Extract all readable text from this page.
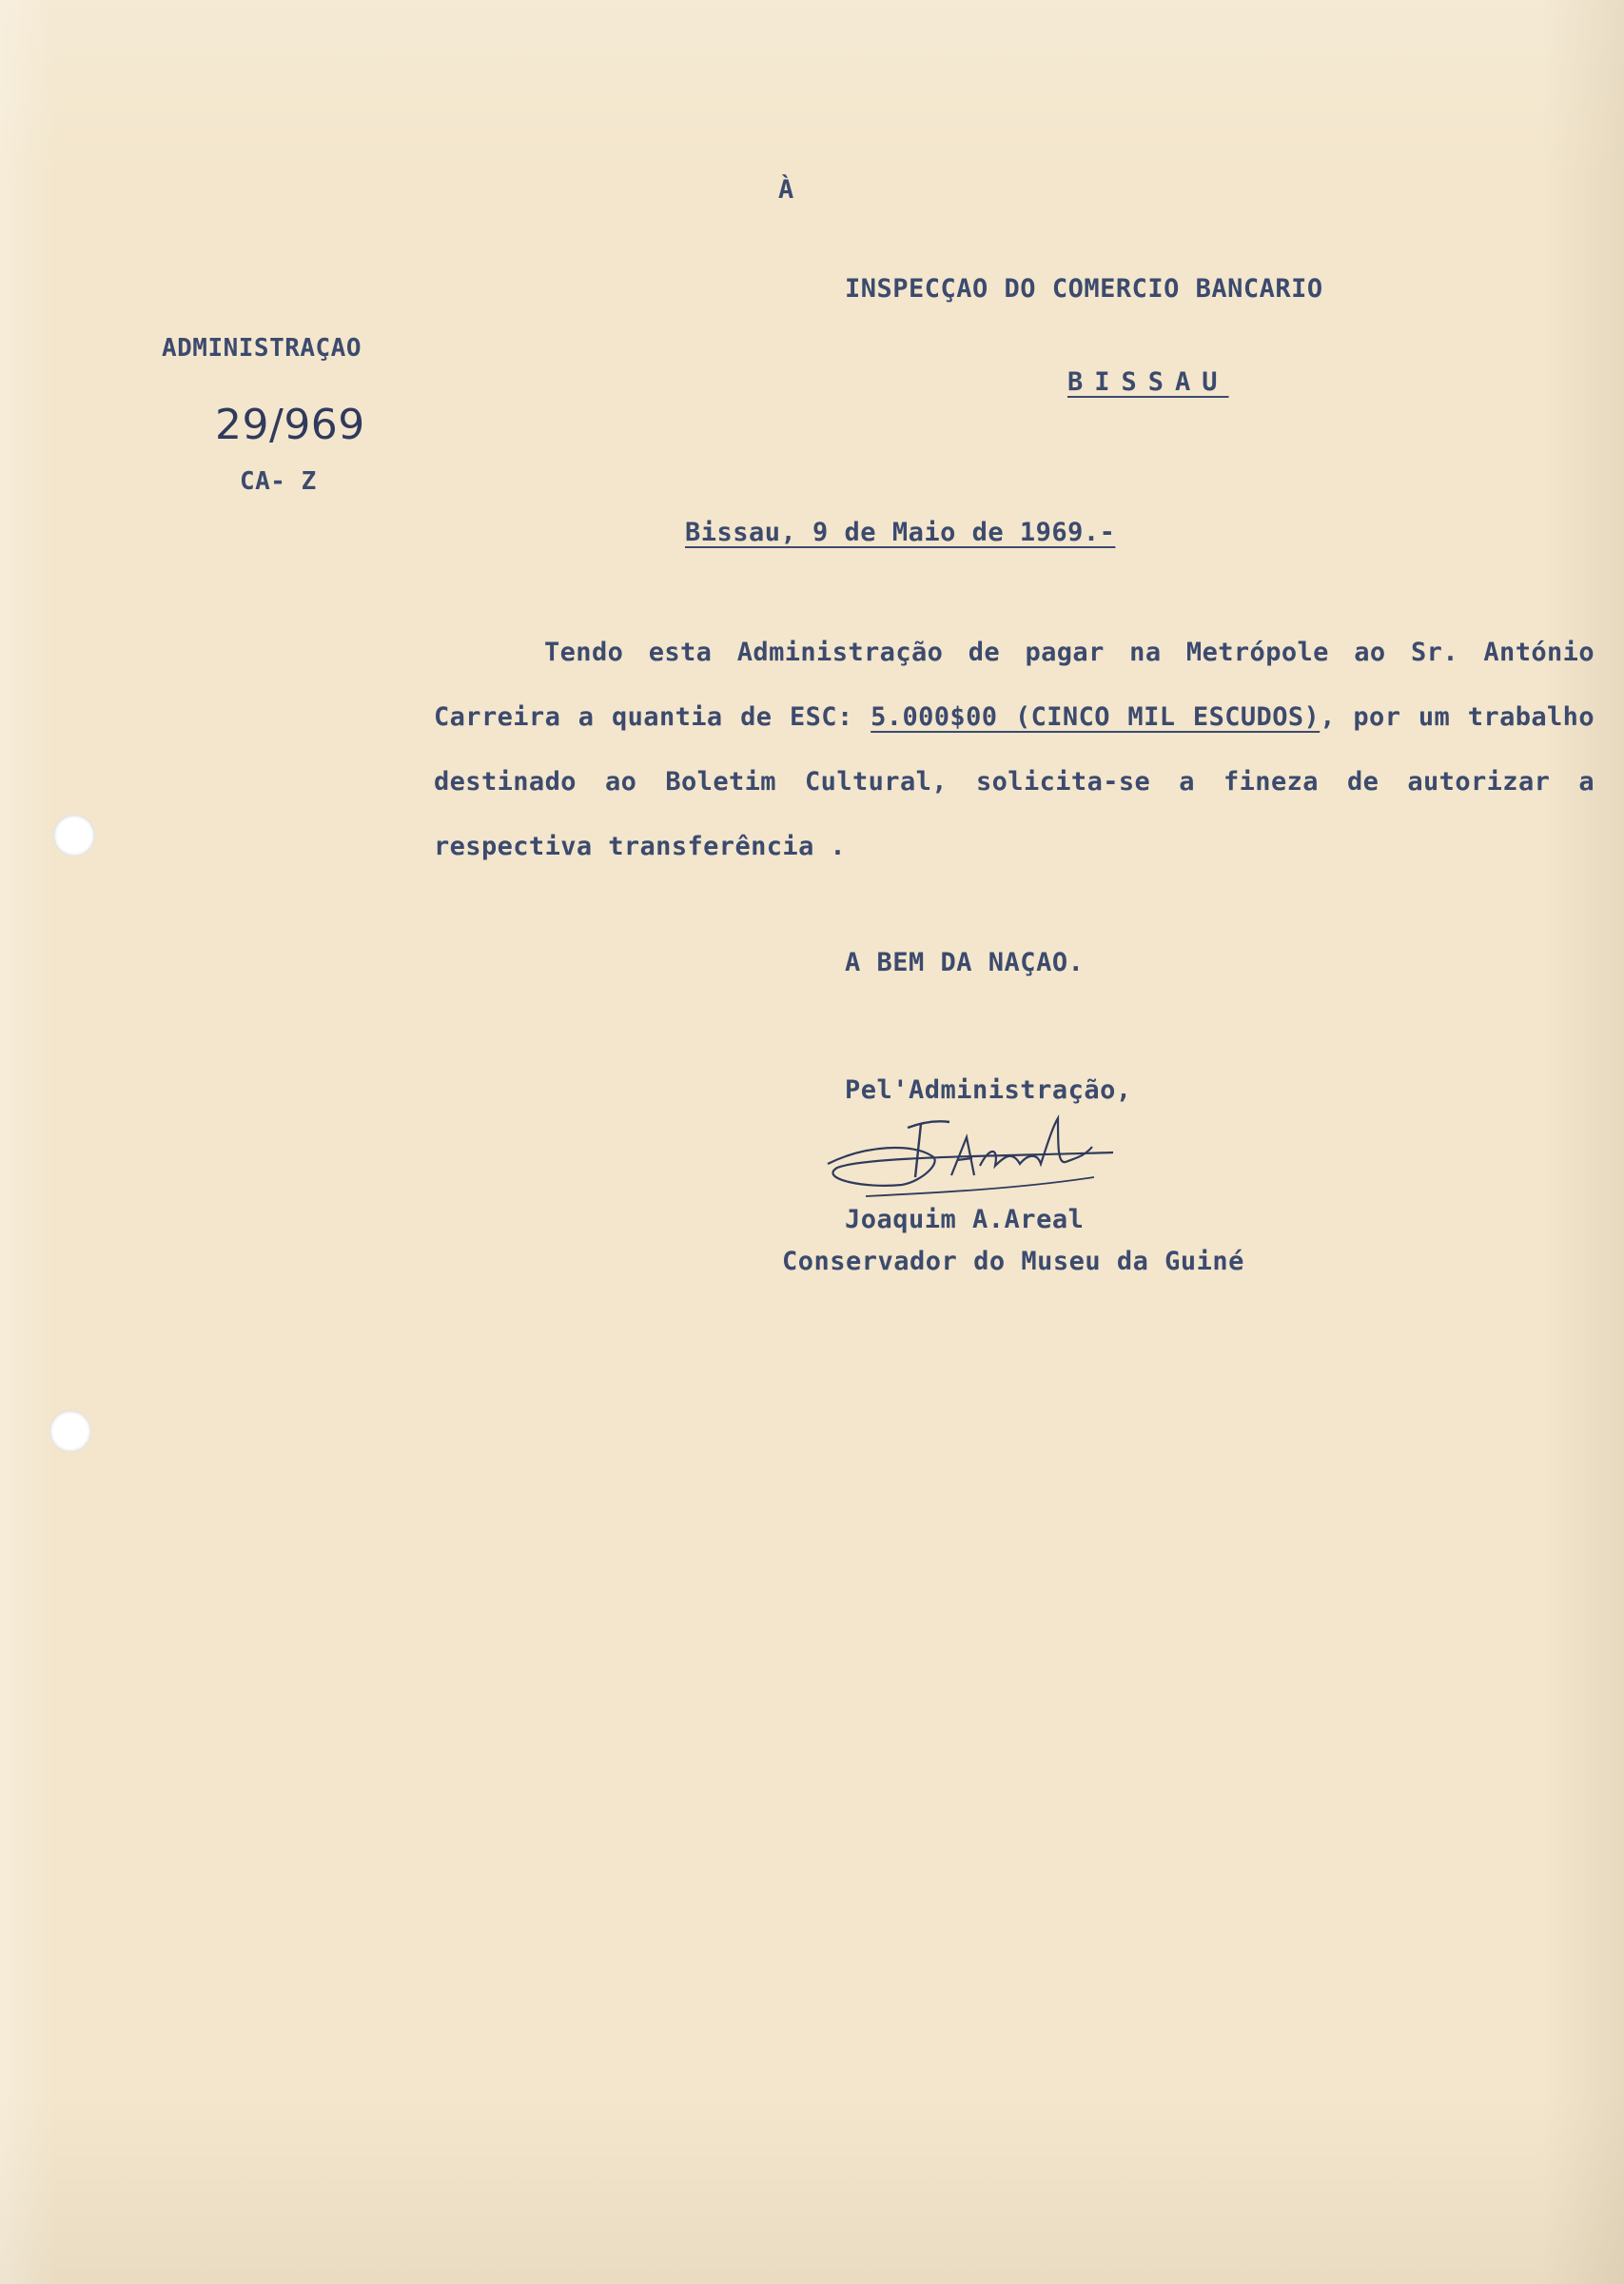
À
INSPECÇAO DO COMERCIO BANCARIO
BISSAU
ADMINISTRAÇAO
29/969
CA- Z
Bissau, 9 de Maio de 1969.-
Tendo esta Administração de pagar na Metrópole ao Sr. António Carreira a quantia de ESC: 5.000$00 (CINCO MIL ESCUDOS), por um trabalho destinado ao Boletim Cultural, solicita-se a fineza de autorizar a respectiva transferência .
A BEM DA NAÇAO.
Pel'Administração,
Joaquim A.Areal
Conservador do Museu da Guiné
